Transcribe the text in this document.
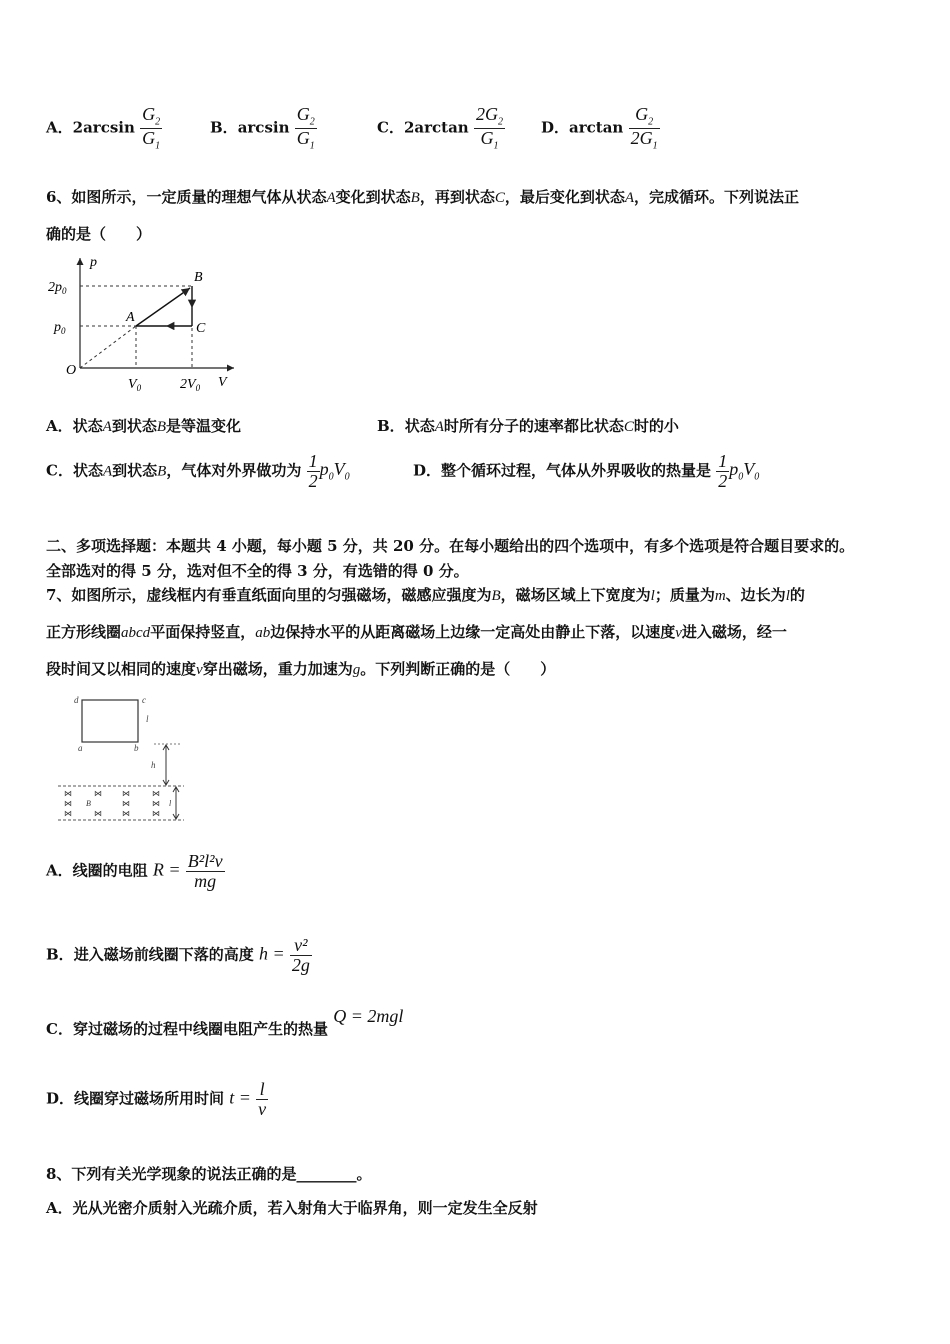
A．$2\arcsin \frac{G_2}{G_1}$	B．$\arcsin \frac{G_2}{G_1}$	C．$2\arctan \frac{2G_2}{G_1}$ D．$\arctan \frac{G_2}{2G_1}$
6、如图所示，一定质量的理想气体从状态A变化到状态B，再到状态C，最后变化到状态A，完成循环。下列说法正
确的是（　　）
p
V
O
$2p_0$
$p_0$
$V_0$	$2V_0$
A
B
C
A．状态A到状态B是等温变化	B．状态A时所有分子的速率都比状态C时的小
C．状态A到状态B，气体对外界做功为 $\frac{1}{2} p_0V_0$	D．整个循环过程，气体从外界吸收的热量是 $\frac{1}{2} p_0V_0$
二、多项选择题：本题共 4 小题，每小题 5 分，共 20 分。在每小题给出的四个选项中，有多个选项是符合题目要求的。
全部选对的得 5 分，选对但不全的得 3 分，有选错的得 0 分。
7、如图所示，虚线框内有垂直纸面向里的匀强磁场，磁感应强度为B，磁场区域上下宽度为l；质量为m、边长为l的
正方形线圈abcd平面保持竖直，ab边保持水平的从距离磁场上边缘一定高处由静止下落，以速度v进入磁场，经一
段时间又以相同的速度v穿出磁场，重力加速为g。下列判断正确的是（　　）
d	c
a	b
l
h
⋈	⋈	⋈	⋈
⋈	⋈	⋈
⋈	⋈	⋈	⋈
B	l
A．线圈的电阻 $R = \frac{\text{B²l²v}}{mg}$
B．进入磁场前线圈下落的高度 $h = \frac{\text{v²}}{2g}$
C．穿过磁场的过程中线圈电阻产生的热量 Q = 2mgl
D．线圈穿过磁场所用时间 $t = \frac{l}{v}$
8、下列有关光学现象的说法正确的是________。
A．光从光密介质射入光疏介质，若入射角大于临界角，则一定发生全反射
